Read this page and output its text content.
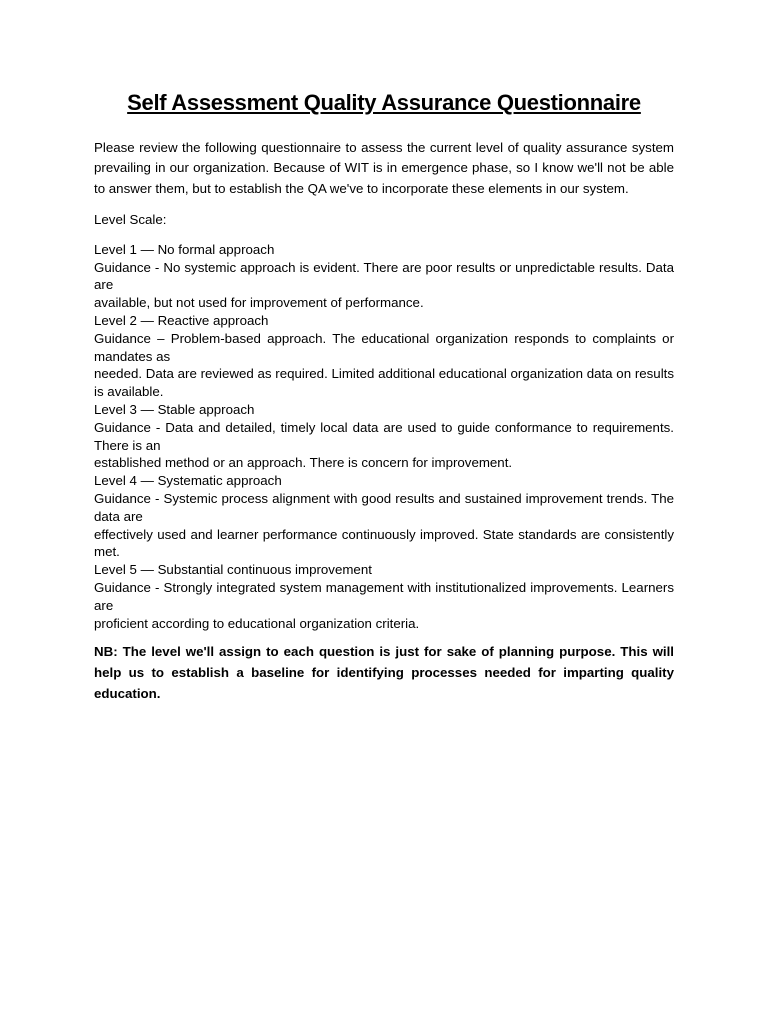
Self Assessment Quality Assurance Questionnaire

Please review the following questionnaire to assess the current level of quality assurance system prevailing in our organization. Because of WIT is in emergence phase, so I know we'll not be able to answer them, but to establish the QA we've to incorporate these elements in our system.

Level Scale:

Level 1 — No formal approach

Guidance - No systemic approach is evident. There are poor results or unpredictable results. Data are

available, but not used for improvement of performance.

Level 2 — Reactive approach

Guidance – Problem-based approach. The educational organization responds to complaints or mandates as

needed. Data are reviewed as required. Limited additional educational organization data on results is available.

Level 3 — Stable approach

Guidance - Data and detailed, timely local data are used to guide conformance to requirements. There is an

established method or an approach. There is concern for improvement.

Level 4 — Systematic approach

Guidance - Systemic process alignment with good results and sustained improvement trends. The data are

effectively used and learner performance continuously improved. State standards are consistently met.

Level 5 — Substantial continuous improvement

Guidance - Strongly integrated system management with institutionalized improvements. Learners are

proficient according to educational organization criteria.

NB: The level we'll assign to each question is just for sake of planning purpose. This will help us to establish a baseline for identifying processes needed for imparting quality education.
